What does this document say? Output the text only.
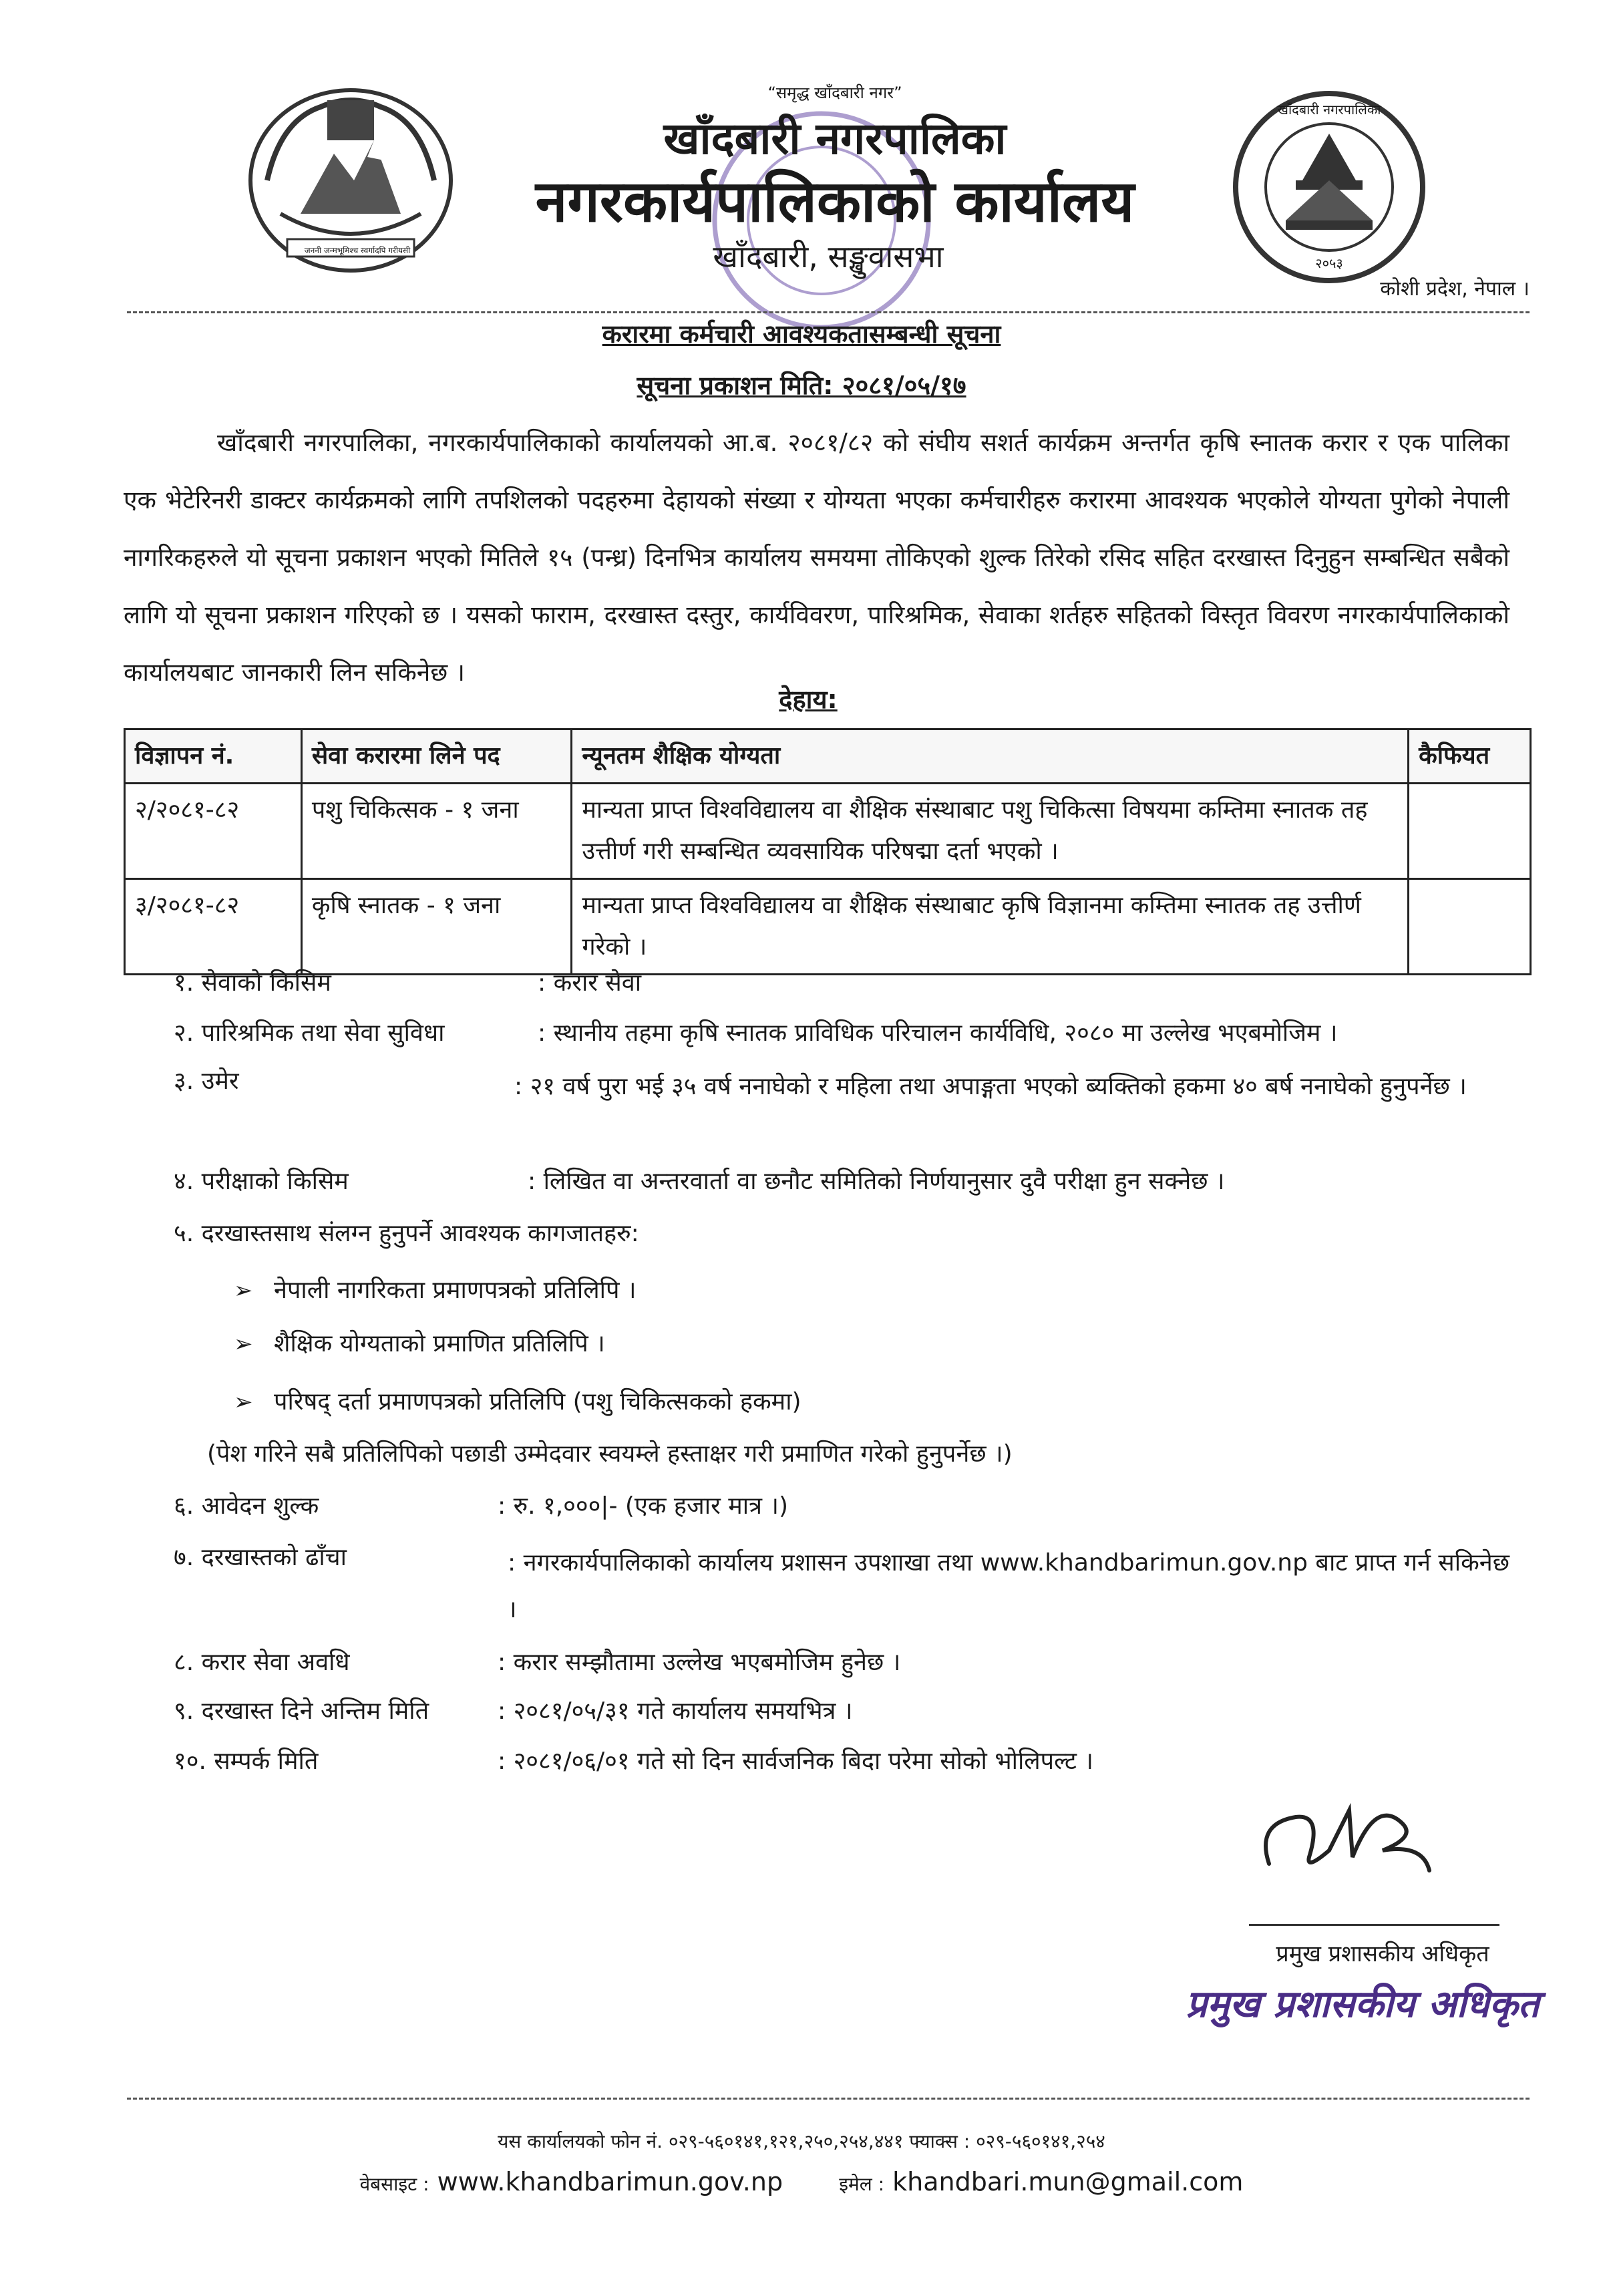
जननी जन्मभूमिश्च स्वर्गादपि गरीयसी
खाँदबारी नगरपालिका
२०५३
“समृद्ध खाँदबारी नगर”
खाँदबारी नगरपालिका
नगरकार्यपालिकाको कार्यालय
खाँदबारी, सङ्खुवासभा
कोशी प्रदेश, नेपाल ।
करारमा कर्मचारी आवश्यकतासम्बन्धी सूचना
सूचना प्रकाशन मिति: २०८१/०५/१७
खाँदबारी नगरपालिका, नगरकार्यपालिकाको कार्यालयको आ.ब. २०८१/८२ को संघीय सशर्त कार्यक्रम अन्तर्गत कृषि स्नातक करार र एक पालिका एक भेटेरिनरी डाक्टर कार्यक्रमको लागि तपशिलको पदहरुमा देहायको संख्या र योग्यता भएका कर्मचारीहरु करारमा आवश्यक भएकोले योग्यता पुगेको नेपाली नागरिकहरुले यो सूचना प्रकाशन भएको मितिले १५ (पन्ध्र) दिनभित्र कार्यालय समयमा तोकिएको शुल्क तिरेको रसिद सहित दरखास्त दिनुहुन सम्बन्धित सबैको लागि यो सूचना प्रकाशन गरिएको छ । यसको फाराम, दरखास्त दस्तुर, कार्यविवरण, पारिश्रमिक, सेवाका शर्तहरु सहितको विस्तृत विवरण नगरकार्यपालिकाको कार्यालयबाट जानकारी लिन सकिनेछ ।
देहाय:
विज्ञापन नं.	सेवा करारमा लिने पद	न्यूनतम शैक्षिक योग्यता	कैफियत
२/२०८१-८२	पशु चिकित्सक - १ जना	मान्यता प्राप्त विश्वविद्यालय वा शैक्षिक संस्थाबाट पशु चिकित्सा विषयमा कम्तिमा स्नातक तह उत्तीर्ण गरी सम्बन्धित व्यवसायिक परिषद्मा दर्ता भएको ।	
३/२०८१-८२	कृषि स्नातक - १ जना	मान्यता प्राप्त विश्वविद्यालय वा शैक्षिक संस्थाबाट कृषि विज्ञानमा कम्तिमा स्नातक तह उत्तीर्ण गरेको ।	
१. सेवाको किसिम	: करार सेवा
२. पारिश्रमिक तथा सेवा सुविधा	: स्थानीय तहमा कृषि स्नातक प्राविधिक परिचालन कार्यविधि, २०८० मा उल्लेख भएबमोजिम ।
३. उमेर	: २१ वर्ष पुरा भई ३५ वर्ष ननाघेको र महिला तथा अपाङ्गता भएको ब्यक्तिको हकमा ४० बर्ष ननाघेको हुनुपर्नेछ ।
४. परीक्षाको किसिम	: लिखित वा अन्तरवार्ता वा छनौट समितिको निर्णयानुसार दुवै परीक्षा हुन सक्नेछ ।
५. दरखास्तसाथ संलग्न हुनुपर्ने आवश्यक कागजातहरु:
➢ नेपाली नागरिकता प्रमाणपत्रको प्रतिलिपि ।
➢ शैक्षिक योग्यताको प्रमाणित प्रतिलिपि ।
➢ परिषद् दर्ता प्रमाणपत्रको प्रतिलिपि (पशु चिकित्सकको हकमा)
(पेश गरिने सबै प्रतिलिपिको पछाडी उम्मेदवार स्वयम्ले हस्ताक्षर गरी प्रमाणित गरेको हुनुपर्नेछ ।)
६. आवेदन शुल्क	: रु. १,०००|- (एक हजार मात्र ।)
७. दरखास्तको ढाँचा	: नगरकार्यपालिकाको कार्यालय प्रशासन उपशाखा तथा www.khandbarimun.gov.np बाट प्राप्त गर्न सकिनेछ ।
८. करार सेवा अवधि	: करार सम्झौतामा उल्लेख भएबमोजिम हुनेछ ।
९. दरखास्त दिने अन्तिम मिति	: २०८१/०५/३१ गते कार्यालय समयभित्र ।
१०. सम्पर्क मिति	: २०८१/०६/०१ गते सो दिन सार्वजनिक बिदा परेमा सोको भोलिपल्ट ।
प्रमुख प्रशासकीय अधिकृत
प्रमुख प्रशासकीय अधिकृत
यस कार्यालयको फोन नं. ०२९-५६०१४१,१२१,२५०,२५४,४४१ फ्याक्स : ०२९-५६०१४१,२५४
वेबसाइट : www.khandbarimun.gov.np	इमेल : khandbari.mun@gmail.com
